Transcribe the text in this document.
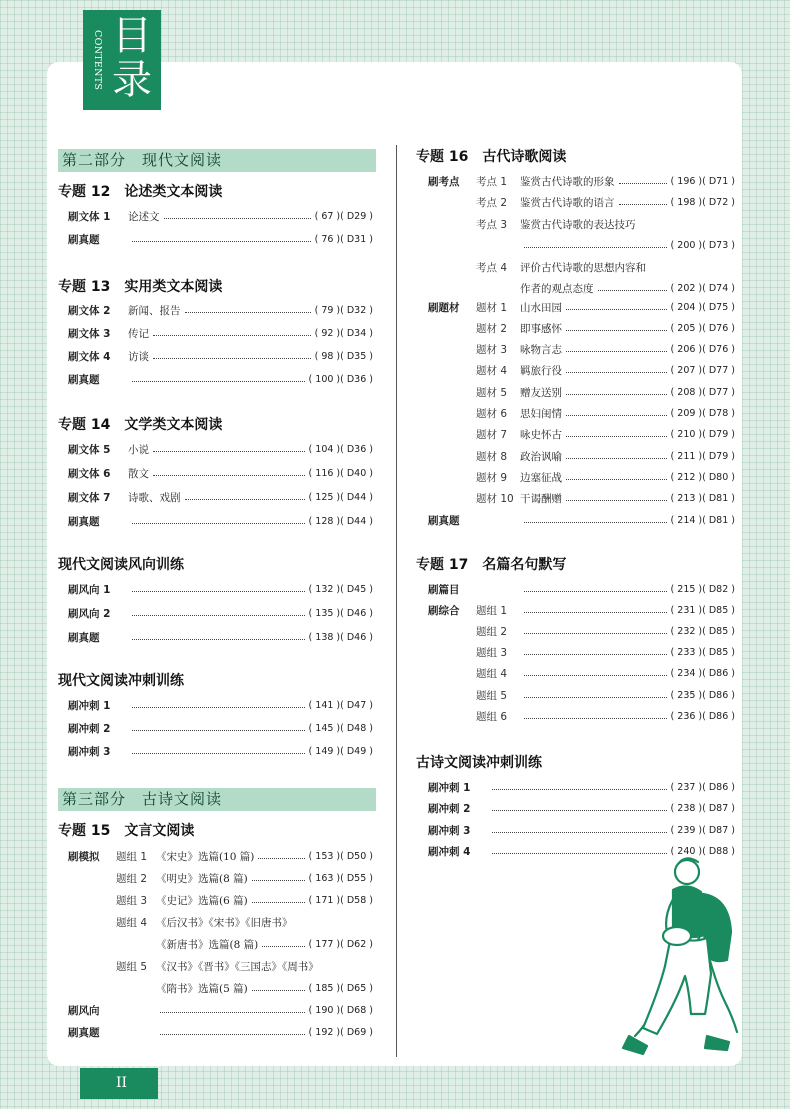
CONTENTS 目录
第二部分　现代文阅读
第三部分　古诗文阅读
专题 12　论述类文本阅读
刷文体 1	论述文	( 67 )( D29 )
刷真题	( 76 )( D31 )
专题 13　实用类文本阅读
刷文体 2	新闻、报告	( 79 )( D32 )
刷文体 3	传记	( 92 )( D34 )
刷文体 4	访谈	( 98 )( D35 )
刷真题	( 100 )( D36 )
专题 14　文学类文本阅读
刷文体 5	小说	( 104 )( D36 )
刷文体 6	散文	( 116 )( D40 )
刷文体 7	诗歌、戏剧	( 125 )( D44 )
刷真题	( 128 )( D44 )
现代文阅读风向训练
刷风向 1	( 132 )( D45 )
刷风向 2	( 135 )( D46 )
刷真题	( 138 )( D46 )
现代文阅读冲刺训练
刷冲刺 1	( 141 )( D47 )
刷冲刺 2	( 145 )( D48 )
刷冲刺 3	( 149 )( D49 )
专题 15　文言文阅读
刷模拟	题组 1 《宋史》选篇(10 篇)	( 153 )( D50 )
题组 2 《明史》选篇(8 篇)	( 163 )( D55 )
题组 3 《史记》选篇(6 篇)	( 171 )( D58 )
题组 4 《后汉书》《宋书》《旧唐书》
《新唐书》选篇(8 篇)	( 177 )( D62 )
题组 5 《汉书》《晋书》《三国志》《周书》
《隋书》选篇(5 篇)	( 185 )( D65 )
刷风向	( 190 )( D68 )
刷真题	( 192 )( D69 )
专题 16　古代诗歌阅读
刷考点	考点 1	鉴赏古代诗歌的形象	( 196 )( D71 )
考点 2	鉴赏古代诗歌的语言	( 198 )( D72 )
考点 3	鉴赏古代诗歌的表达技巧
( 200 )( D73 )
考点 4	评价古代诗歌的思想内容和
作者的观点态度	( 202 )( D74 )
刷题材	题材 1	山水田园	( 204 )( D75 )
题材 2	即事感怀	( 205 )( D76 )
题材 3	咏物言志	( 206 )( D76 )
题材 4	羁旅行役	( 207 )( D77 )
题材 5	赠友送别	( 208 )( D77 )
题材 6	思妇闺情	( 209 )( D78 )
题材 7	咏史怀古	( 210 )( D79 )
题材 8	政治讽喻	( 211 )( D79 )
题材 9	边塞征战	( 212 )( D80 )
题材 10 干谒酬赠	( 213 )( D81 )
刷真题	( 214 )( D81 )
专题 17　名篇名句默写
刷篇目	( 215 )( D82 )
刷综合	题组 1	( 231 )( D85 )
题组 2	( 232 )( D85 )
题组 3	( 233 )( D85 )
题组 4	( 234 )( D86 )
题组 5	( 235 )( D86 )
题组 6	( 236 )( D86 )
古诗文阅读冲刺训练
刷冲刺 1	( 237 )( D86 )
刷冲刺 2	( 238 )( D87 )
刷冲刺 3	( 239 )( D87 )
刷冲刺 4	( 240 )( D88 )
II
